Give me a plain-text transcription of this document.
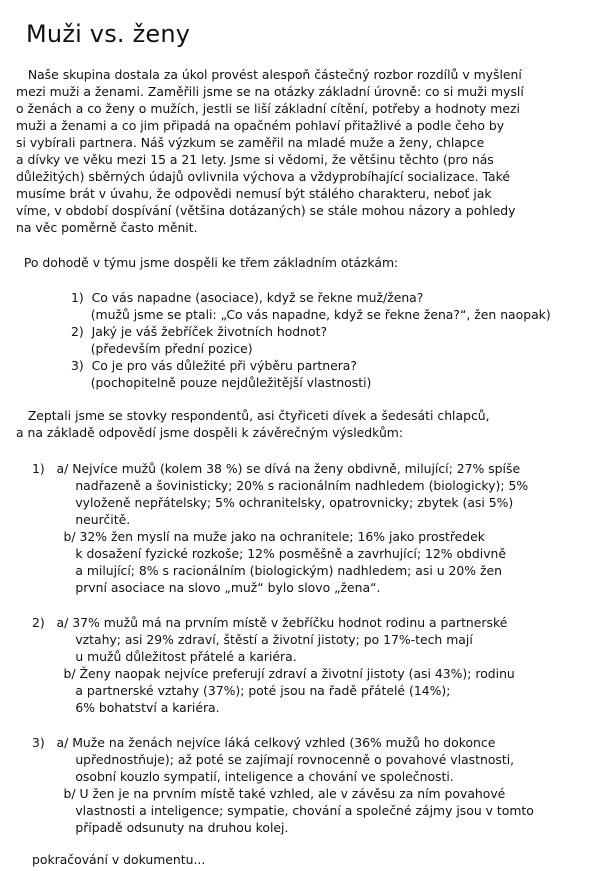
Muži vs. ženy
Naše skupina dostala za úkol provést alespoň částečný rozbor rozdílů v myšlení
mezi muži a ženami. Zaměřili jsme se na otázky základní úrovně: co si muži myslí
o ženách a co ženy o mužích, jestli se liší základní cítění, potřeby a hodnoty mezi
muži a ženami a co jim připadá na opačném pohlaví přitažlivé a podle čeho by
si vybírali partnera. Náš výzkum se zaměřil na mladé muže a ženy, chlapce
a dívky ve věku mezi 15 a 21 lety. Jsme si vědomi, že většinu těchto (pro nás
důležitých) sběrných údajů ovlivnila výchova a vždyprobíhající socializace. Také
musíme brát v úvahu, že odpovědi nemusí být stálého charakteru, neboť jak
víme, v období dospívání (většina dotázaných) se stále mohou názory a pohledy
na věc poměrně často měnit.
Po dohodě v týmu jsme dospěli ke třem základním otázkám:
1)  Co vás napadne (asociace), když se řekne muž/žena?
(mužů jsme se ptali: „Co vás napadne, když se řekne žena?“, žen naopak)
2)  Jaký je váš žebříček životních hodnot?
(především přední pozice)
3)  Co je pro vás důležité při výběru partnera?
(pochopitelně pouze nejdůležitější vlastnosti)
Zeptali jsme se stovky respondentů, asi čtyřiceti dívek a šedesáti chlapců,
a na základě odpovědí jsme dospěli k závěrečným výsledkům:
1)   a/ Nejvíce mužů (kolem 38 %) se dívá na ženy obdivně, milující; 27% spíše
nadřazeně a šovinisticky; 20% s racionálním nadhledem (biologicky); 5%
vyloženě nepřátelsky; 5% ochranitelsky, opatrovnicky; zbytek (asi 5%)
neurčitě.
b/ 32% žen myslí na muže jako na ochranitele; 16% jako prostředek
k dosažení fyzické rozkoše; 12% posměšně a zavrhující; 12% obdivně
a milující; 8% s racionálním (biologickým) nadhledem; asi u 20% žen
první asociace na slovo „muž“ bylo slovo „žena“.
2)   a/ 37% mužů má na prvním místě v žebříčku hodnot rodinu a partnerské
vztahy; asi 29% zdraví, štěstí a životní jistoty; po 17%-tech mají
u mužů důležitost přátelé a kariéra.
b/ Ženy naopak nejvíce preferují zdraví a životní jistoty (asi 43%); rodinu
a partnerské vztahy (37%); poté jsou na řadě přátelé (14%);
6% bohatství a kariéra.
3)   a/ Muže na ženách nejvíce láká celkový vzhled (36% mužů ho dokonce
upřednostňuje); až poté se zajímají rovnocenně o povahové vlastnosti,
osobní kouzlo sympatií, inteligence a chování ve společnosti.
b/ U žen je na prvním místě také vzhled, ale v závěsu za ním povahové
vlastnosti a inteligence; sympatie, chování a společné zájmy jsou v tomto
případě odsunuty na druhou kolej.
pokračování v dokumentu...
